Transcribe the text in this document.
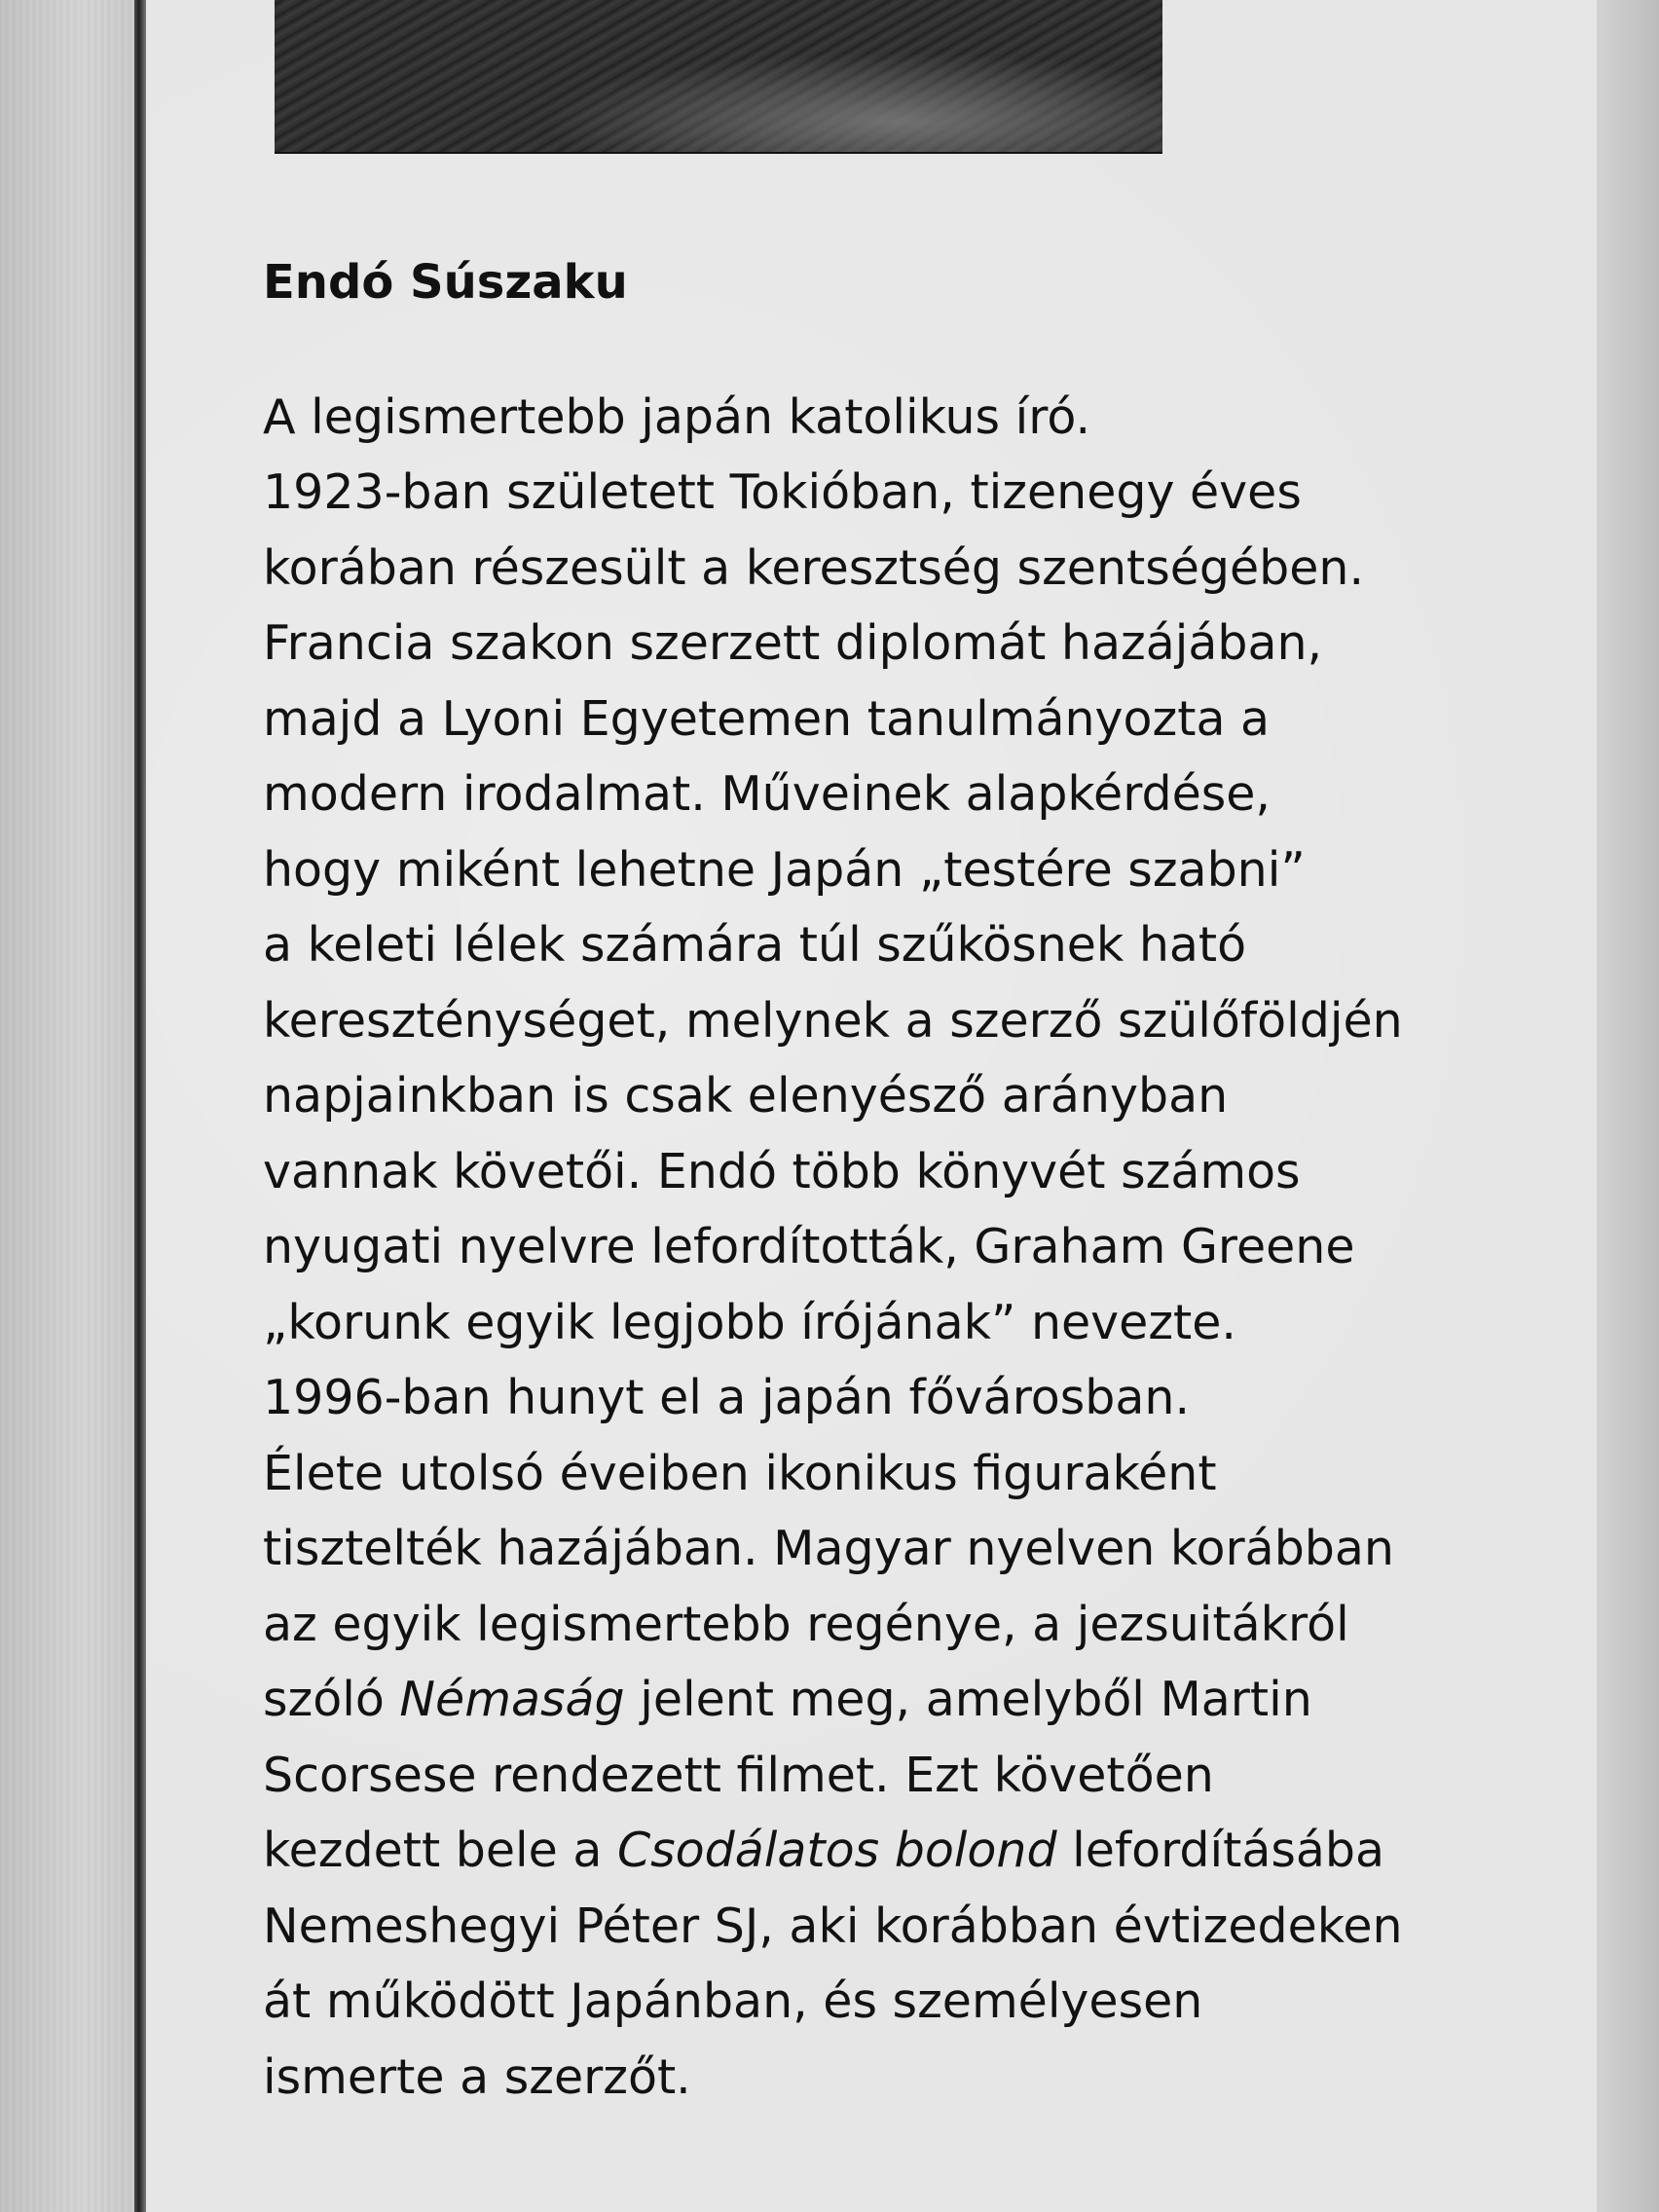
Endó Súszaku

A legismertebb japán katolikus író.
1923-ban született Tokióban, tizenegy éves
korában részesült a keresztség szentségében.
Francia szakon szerzett diplomát hazájában,
majd a Lyoni Egyetemen tanulmányozta a
modern irodalmat. Műveinek alapkérdése,
hogy miként lehetne Japán „testére szabni”
a keleti lélek számára túl szűkösnek ható
kereszténységet, melynek a szerző szülőföldjén
napjainkban is csak elenyésző arányban
vannak követői. Endó több könyvét számos
nyugati nyelvre lefordították, Graham Greene
„korunk egyik legjobb írójának” nevezte.
1996-ban hunyt el a japán fővárosban.
Élete utolsó éveiben ikonikus figuraként
tisztelték hazájában. Magyar nyelven korábban
az egyik legismertebb regénye, a jezsuitákról
szóló Némaság jelent meg, amelyből Martin
Scorsese rendezett filmet. Ezt követően
kezdett bele a Csodálatos bolond lefordításába
Nemeshegyi Péter SJ, aki korábban évtizedeken
át működött Japánban, és személyesen
ismerte a szerzőt.
